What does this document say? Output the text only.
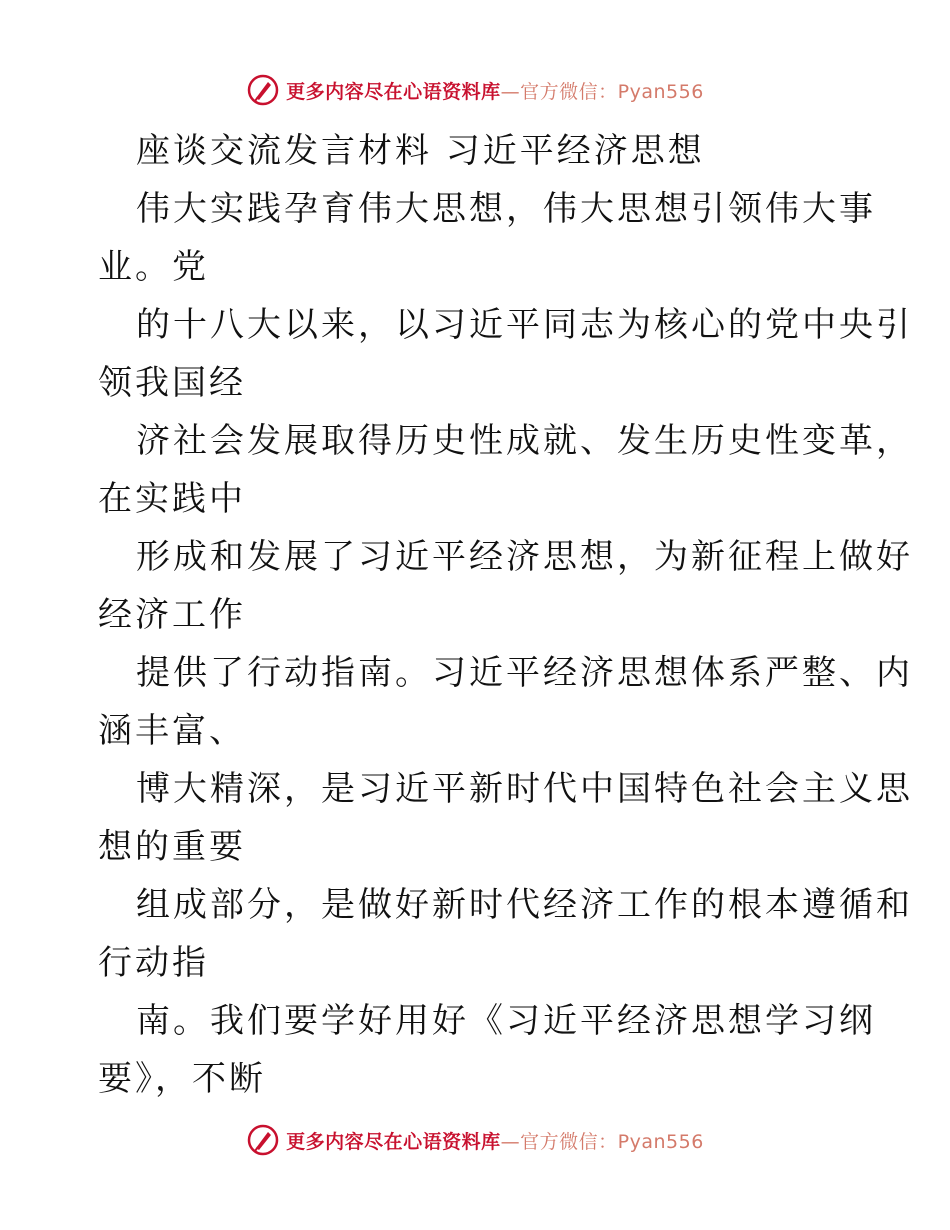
更多内容尽在心语资料库—官方微信：Pyan556
座谈交流发言材料 习近平经济思想
伟大实践孕育伟大思想，伟大思想引领伟大事
业。党
的十八大以来，以习近平同志为核心的党中央引
领我国经
济社会发展取得历史性成就、发生历史性变革，
在实践中
形成和发展了习近平经济思想，为新征程上做好
经济工作
提供了行动指南。习近平经济思想体系严整、内
涵丰富、
博大精深，是习近平新时代中国特色社会主义思
想的重要
组成部分，是做好新时代经济工作的根本遵循和
行动指
南。我们要学好用好《习近平经济思想学习纲
要》，不断
更多内容尽在心语资料库—官方微信：Pyan556
